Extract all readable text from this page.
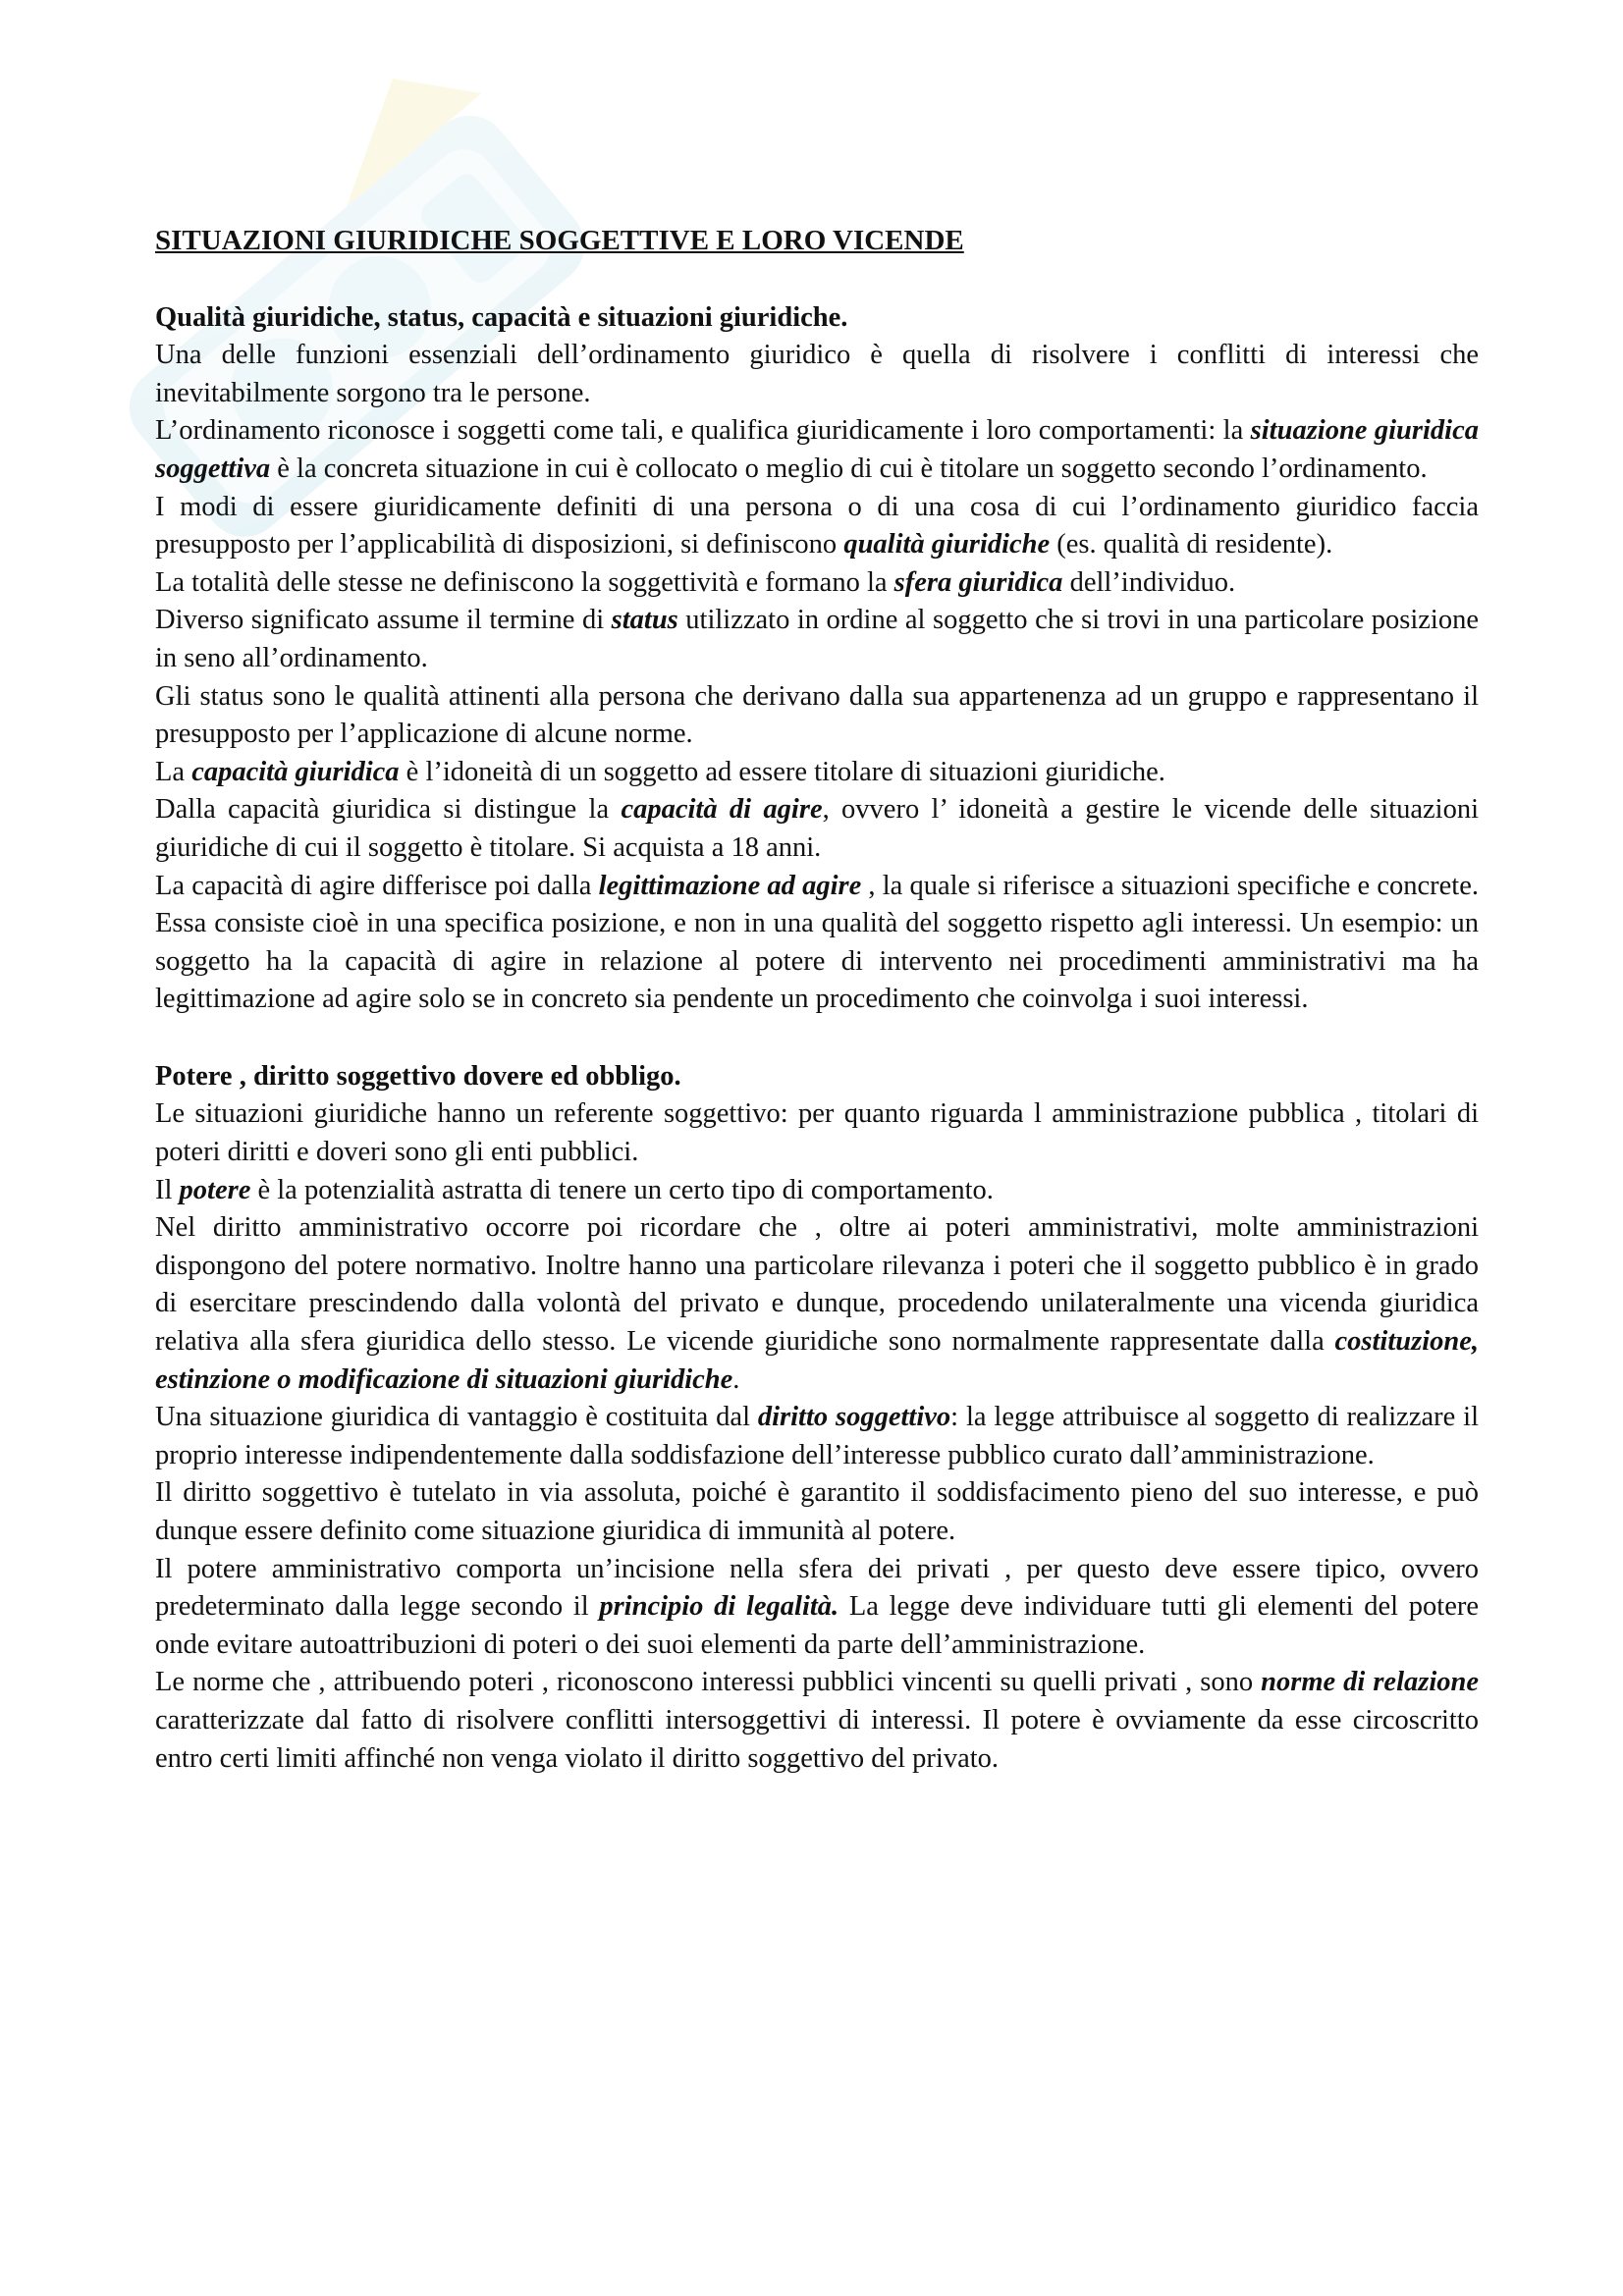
SITUAZIONI GIURIDICHE SOGGETTIVE E LORO VICENDE

Qualità giuridiche, status, capacità e situazioni giuridiche.

Una delle funzioni essenziali dell’ordinamento giuridico è quella di risolvere i conflitti di interessi che inevitabilmente sorgono tra le persone.

L’ordinamento riconosce i soggetti come tali, e qualifica giuridicamente i loro comportamenti: la situazione giuridica soggettiva è la concreta situazione in cui è collocato o meglio di cui è titolare un soggetto secondo l’ordinamento.

I modi di essere giuridicamente definiti di una persona o di una cosa di cui l’ordinamento giuridico faccia presupposto per l’applicabilità di disposizioni, si definiscono qualità giuridiche (es. qualità di residente).

La totalità delle stesse ne definiscono la soggettività e formano la sfera giuridica dell’individuo.

Diverso significato assume il termine di status utilizzato in ordine al soggetto che si trovi in una particolare posizione in seno all’ordinamento.

Gli status sono le qualità attinenti alla persona che derivano dalla sua appartenenza ad un gruppo e rappresentano il presupposto per l’applicazione di alcune norme.

La capacità giuridica è l’idoneità di un soggetto ad essere titolare di situazioni giuridiche.

Dalla capacità giuridica si distingue la capacità di agire, ovvero l’ idoneità a gestire le vicende delle situazioni giuridiche di cui il soggetto è titolare. Si acquista a 18 anni.

La capacità di agire differisce poi dalla legittimazione ad agire , la quale si riferisce a situazioni specifiche e concrete. Essa consiste cioè in una specifica posizione, e non in una qualità del soggetto rispetto agli interessi. Un esempio: un soggetto ha la capacità di agire in relazione al potere di intervento nei procedimenti amministrativi ma ha legittimazione ad agire solo se in concreto sia pendente un procedimento che coinvolga i suoi interessi.

Potere , diritto soggettivo dovere ed obbligo.

Le situazioni giuridiche hanno un referente soggettivo: per quanto riguarda l amministrazione pubblica , titolari di poteri diritti e doveri sono gli enti pubblici.

Il potere è la potenzialità astratta di tenere un certo tipo di comportamento.

Nel diritto amministrativo occorre poi ricordare che , oltre ai poteri amministrativi, molte amministrazioni dispongono del potere normativo. Inoltre hanno una particolare rilevanza i poteri che il soggetto pubblico è in grado di esercitare prescindendo dalla volontà del privato e dunque, procedendo unilateralmente una vicenda giuridica relativa alla sfera giuridica dello stesso. Le vicende giuridiche sono normalmente rappresentate dalla costituzione, estinzione o modificazione di situazioni giuridiche.

Una situazione giuridica di vantaggio è costituita dal diritto soggettivo: la legge attribuisce al soggetto di realizzare il proprio interesse indipendentemente dalla soddisfazione dell’interesse pubblico curato dall’amministrazione.

Il diritto soggettivo è tutelato in via assoluta, poiché è garantito il soddisfacimento pieno del suo interesse, e può dunque essere definito come situazione giuridica di immunità al potere.

Il potere amministrativo comporta un’incisione nella sfera dei privati , per questo deve essere tipico, ovvero predeterminato dalla legge secondo il principio di legalità. La legge deve individuare tutti gli elementi del potere onde evitare autoattribuzioni di poteri o dei suoi elementi da parte dell’amministrazione.

Le norme che , attribuendo poteri , riconoscono interessi pubblici vincenti su quelli privati , sono norme di relazione caratterizzate dal fatto di risolvere conflitti intersoggettivi di interessi. Il potere è ovviamente da esse circoscritto entro certi limiti affinché non venga violato il diritto soggettivo del privato.
